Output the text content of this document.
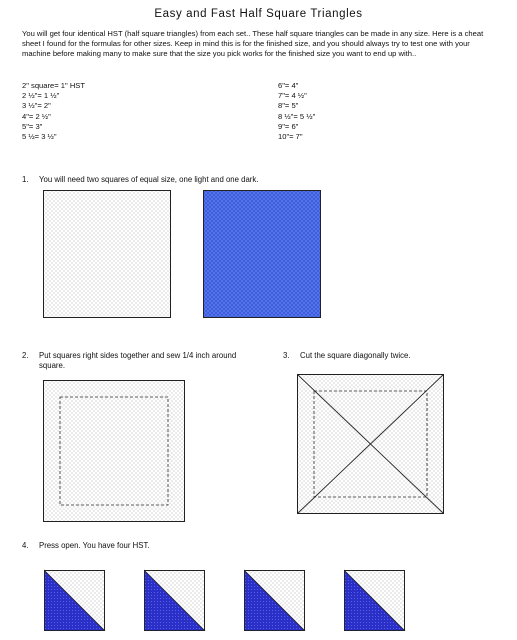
Easy and Fast Half Square Triangles
You will get four identical HST (half square triangles) from each set.. These half square triangles can be made in any size. Here is a cheat sheet I found for the formulas for other sizes. Keep in mind this is for the finished size, and you should always try to test one with your machine before making many to make sure that the size you pick works for the finished size you want to end up with..
2" square= 1" HST
2 ½"= 1 ½"
3 ½"= 2"
4"= 2 ½"
5"= 3"
5 ½= 3 ½"
6"= 4"
7"= 4 ½"
8"= 5"
8 ½"= 5 ½"
9"= 6"
10"= 7"
1. You will need two squares of equal size, one light and one dark.
2. Put squares right sides together and sew 1/4 inch around square.
3. Cut the square diagonally twice.
4. Press open. You have four HST.
